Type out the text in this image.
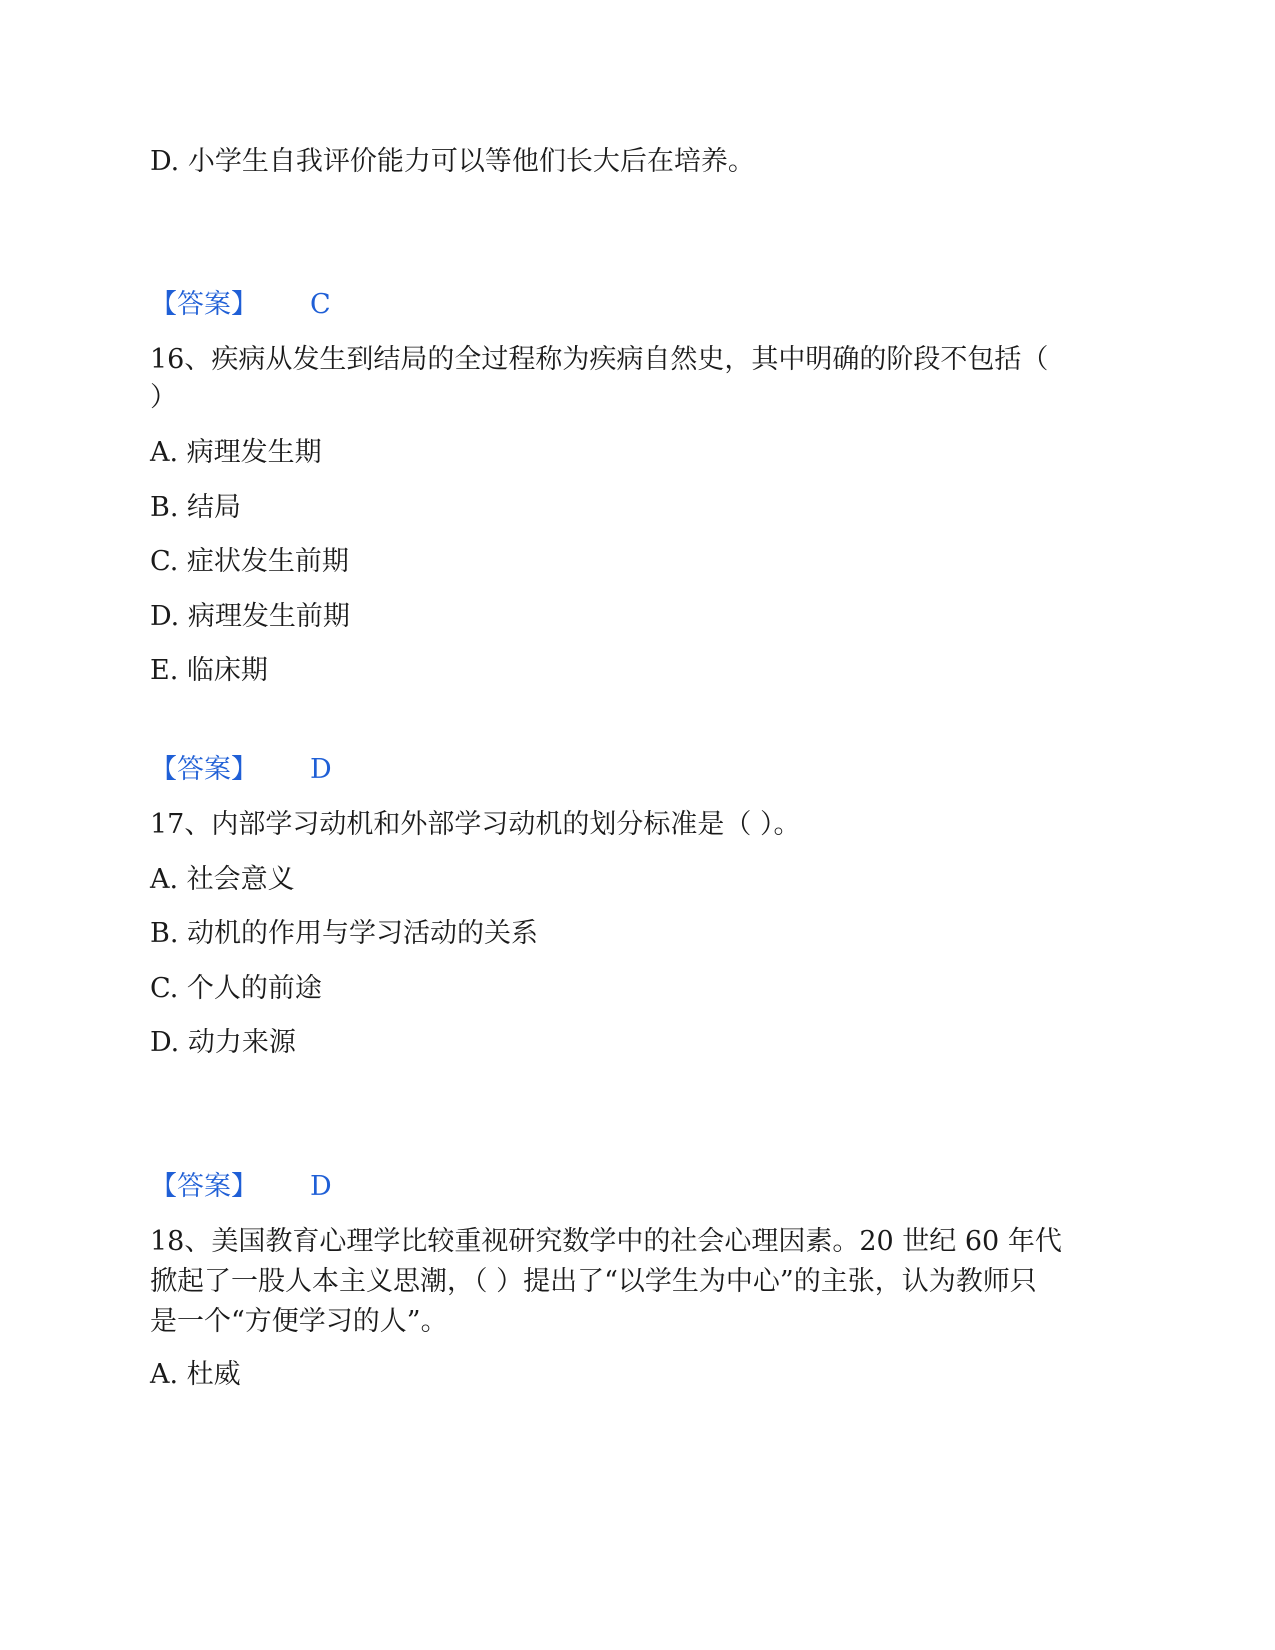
D. 小学生自我评价能力可以等他们长大后在培养。
【答案】 C
16、疾病从发生到结局的全过程称为疾病自然史，其中明确的阶段不包括（
）
A. 病理发生期
B. 结局
C. 症状发生前期
D. 病理发生前期
E. 临床期
【答案】 D
17、内部学习动机和外部学习动机的划分标准是（ ）。
A. 社会意义
B. 动机的作用与学习活动的关系
C. 个人的前途
D. 动力来源
【答案】 D
18、美国教育心理学比较重视研究数学中的社会心理因素。20 世纪 60 年代
掀起了一股人本主义思潮，（ ）提出了“以学生为中心”的主张，认为教师只
是一个“方便学习的人”。
A. 杜威
